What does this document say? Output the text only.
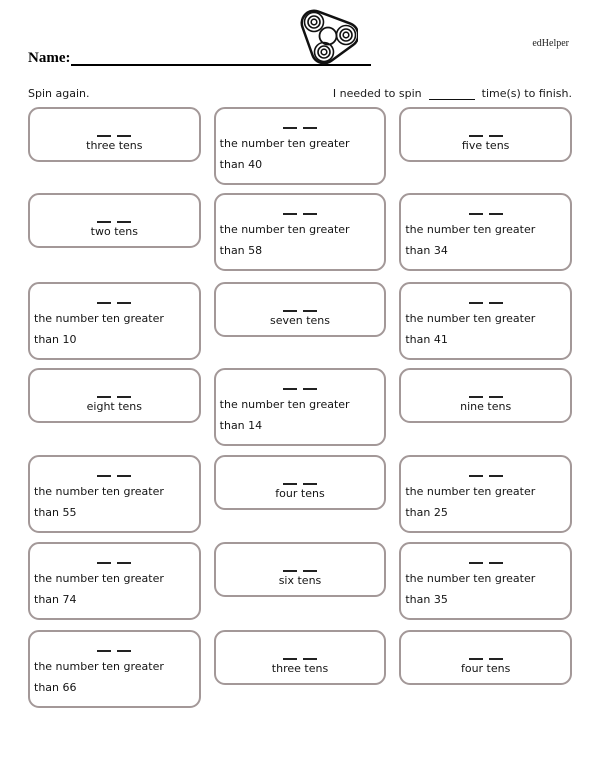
edHelper
Name:
Spin again.	I needed to spin	time(s) to finish.
three tens	the number ten greater
than 40
five tens
two tens	the number ten greater
than 58
the number ten greater
than 34
the number ten greater
than 10
seven tens	the number ten greater
than 41
eight tens	the number ten greater
than 14
nine tens
the number ten greater
than 55
four tens	the number ten greater
than 25
the number ten greater
than 74
six tens	the number ten greater
than 35
the number ten greater
than 66
three tens	four tens
